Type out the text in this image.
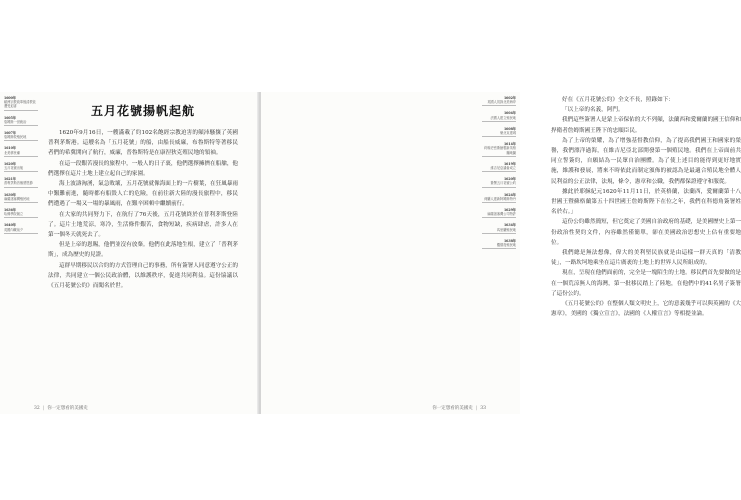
1600年
歐洲宗教改革後清教徒遭受迫害
1605年
詹姆斯一世統治
1607年
詹姆斯敦殖民地
1610年
北美移民潮
1620年
五月花號出航
1621年
普利茅斯首個感恩節
1630年
麻薩諸塞灣殖民地
1636年
哈佛學院創立
1640年
英國內戰前夕
五月花號揚帆起航

1620年9月16日，一艘滿載了約102名飽經宗教迫害的顛沛騷攘了英國普利茅斯港。這艘名為「五月花號」的船，由船長威廉，布魯斯特等著移民者們的希冀開向了航行，威廉，普魯斯特是在康涅狄克殖民地的領袖。

在這一段艱苦漫長的旅程中，一般人的日子裏，他們選擇擁擠在船艙，他們選擇在這片土地上建立起自己的家園。

海上波濤洶湧，氣急敗壞，五月花號就像海面上的一片樹葉，在狂風暴雨中艱難前進，隨時都有船毀人亡的危險，在前往新大陸的漫長旅程中，移民們遭遇了一場又一場的暴風雨，在艱辛困頓中繼續前行。

在大家的共同努力下，在航行了76天後，五月花號終於在普利茅斯登陸了。這片土地荒涼，寒冷，生活條件艱苦，食物短缺，疾病肆虐，許多人在第一個冬天就死去了。

但是上帝的恩賜，他們並沒有放棄。他們在此落地生根，建立了「普利茅斯」，成為歷史的見證。

這群早期移民以合約的方式管理自己的事務，所有簽署人同意遵守公正的法律，共同建立一個公民政治體，以維護秩序，促進共同利益。這份協議以《五月花號公約》而聞名於世。

32 | 你一定想看的美國史

好在《五月花號公約》全文不長，照錄如下：

「以上帝的名義，阿門。

我們這些簽署人是蒙上帝保佑的大不列顛，法蘭西和愛爾蘭的國王信仰和捍衛者詹姆斯國王陛下的忠順臣民。

為了上帝的榮耀，為了增強基督教信仰，為了提高我們國王和國家的榮譽，我們漂洋過海，在維吉尼亞北部開發第一個殖民地。我們在上帝面前共同立誓簽約，自願結為一民眾自治團體。為了使上述目的能得到更好地實施，維護和發展，將來不時依此而制定頒佈的被認為是最適合殖民地全體人民利益的公正法律，法規，條令，憲章和公職，我們都保證遵守和服從。

據此於耶穌紀元1620年11月11日，於英格蘭，法蘭西，愛爾蘭第十八世國王暨蘇格蘭第五十四世國王詹姆斯陛下在位之年，我們在科德角簽署姓名於右。」

這份公約雖然簡短，但它奠定了美國自治政府的基礎，是美國歷史上第一份政治性契約文件，內容雖然僅簡單，卻在美國政治思想史上佔有重要地位。

我們總是無法想像，偉大的美利堅民族就是由這樣一群天真的「清教徒」，一路坎坷地乘坐在這片廣袤的土地上的世界人民所組成的。

現在，呈現在他們面前的，完全是一塊陌生的土地。移民們首先要做的是在一個荒涼無人的海灣，第一批移民踏上了陸地，在他們中的41名男子簽署了這份公約。

《五月花號公約》在整個人類文明史上，它的意義幾乎可以與英國的《大憲章》，美國的《獨立宣言》，法國的《人權宣言》等相提並論。

1602年
英國人初探北美海岸
1604年
法國人建立殖民地
1608年
魁北克建城
1614年
約翰史密斯繪製新英格蘭地圖
1619年
維吉尼亞議會成立
1620年
簽署五月花號公約
1624年
荷蘭人建新阿姆斯特丹
1629年
麻薩諸塞灣公司特許
1634年
馬里蘭殖民地
1638年
羅德島殖民地
你一定想看的美國史 | 33
